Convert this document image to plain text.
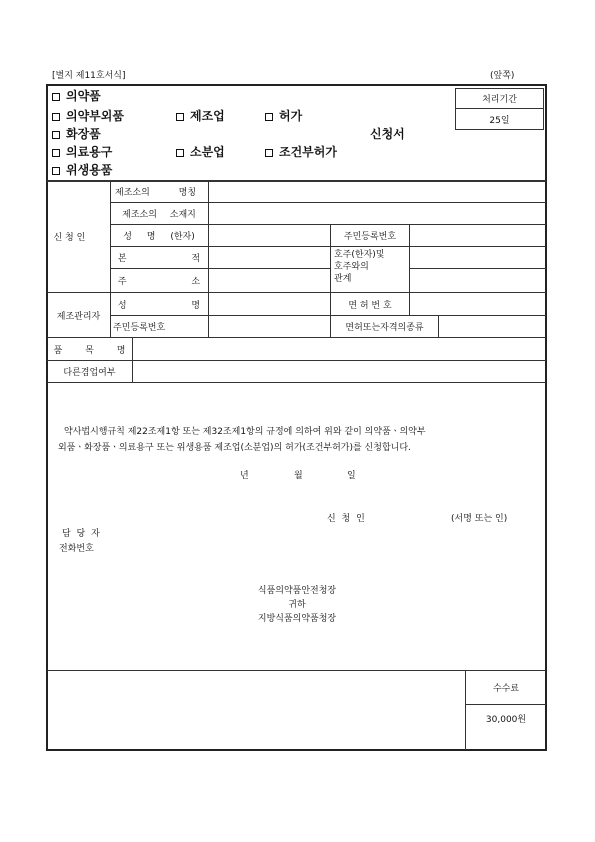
[별지 제11호서식]	(앞쪽)
의약품
의약부외품
화장품
의료용구
위생용품
제조업
소분업
허가
조건부허가
신청서
처리기간
25일
신 청 인
제조소의 명칭
제조소의 소재지
성 명 (한자)	주민등록번호
본 적	호주(한자)및
호주와의
관계
주 소
제조관리자
성 명	면 허 번 호
주민등록번호	면허또는자격의종류
품 목 명
다른겸업여부
약사법시행규칙 제22조제1항 또는 제32조제1항의 규정에 의하여 위와 같이 의약품ㆍ의약부
외품ㆍ화장품ㆍ의료용구 또는 위생용품 제조업(소분업)의 허가(조건부허가)를 신청합니다.
년	월	일
신 청 인	(서명 또는 인)
담 당 자
전화번호
식품의약품안전청장
귀하
지방식품의약품청장
수수료
30,000원
